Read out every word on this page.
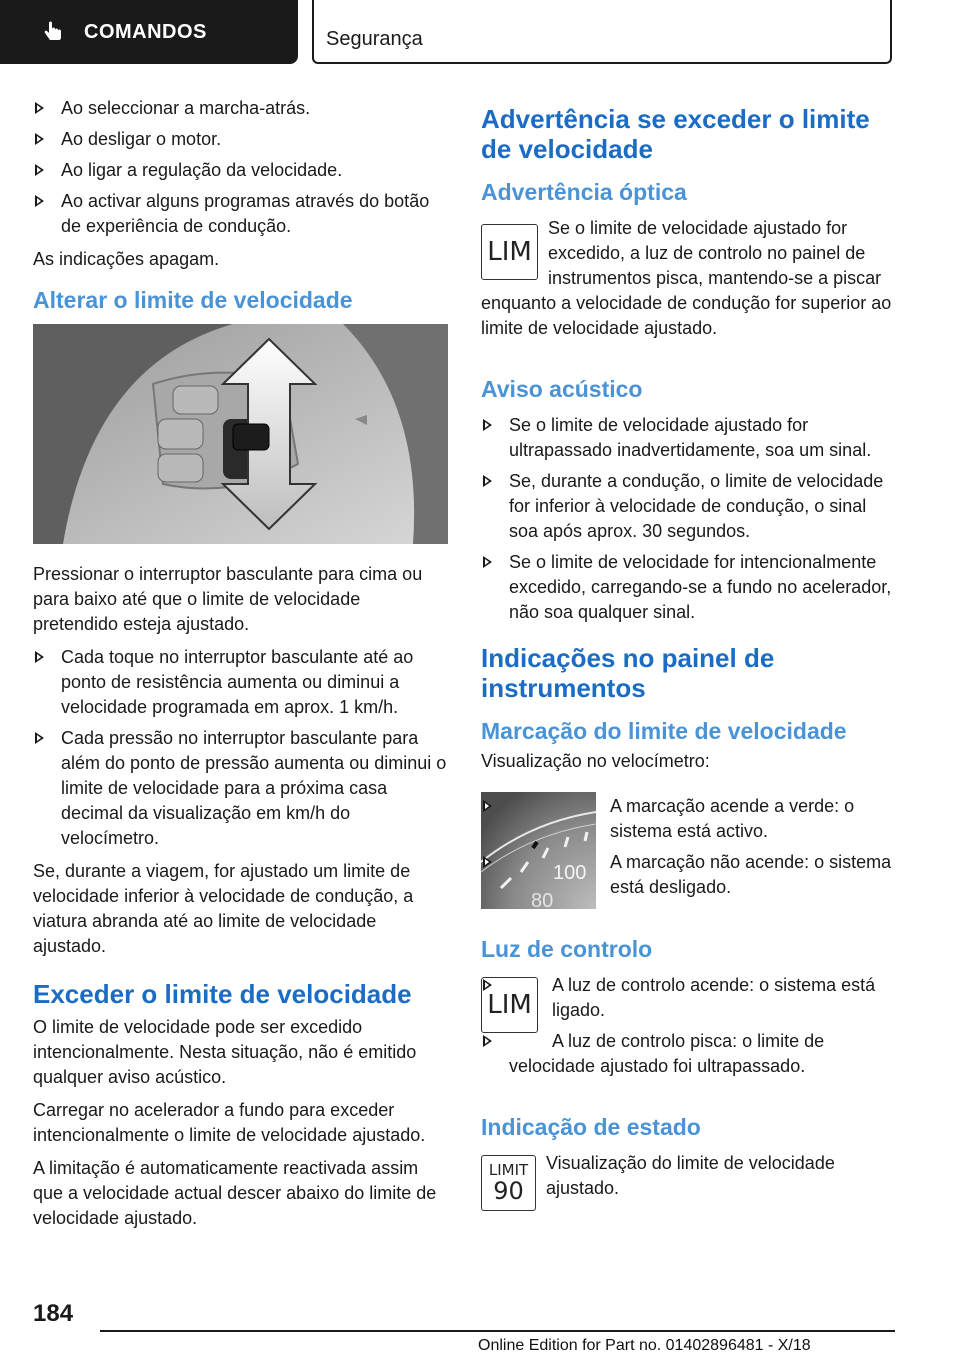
COMANDOS	Segurança
Ao seleccionar a marcha-atrás.
Ao desligar o motor.
Ao ligar a regulação da velocidade.
Ao activar alguns programas através do botão de experiência de condução.

As indicações apagam.

Alterar o limite de velocidade

Pressionar o interruptor basculante para cima ou para baixo até que o limite de velocidade pretendido esteja ajustado.

Cada toque no interruptor basculante até ao ponto de resistência aumenta ou diminui a velocidade programada em aprox. 1 km/h.
Cada pressão no interruptor basculante para além do ponto de pressão aumenta ou diminui o limite de velocidade para a próxima casa decimal da visualização em km/h do velocímetro.

Se, durante a viagem, for ajustado um limite de velocidade inferior à velocidade de condução, a viatura abranda até ao limite de velocidade ajustado.

Exceder o limite de velocidade

O limite de velocidade pode ser excedido intencionalmente. Nesta situação, não é emitido qualquer aviso acústico.

Carregar no acelerador a fundo para exceder intencionalmente o limite de velocidade ajustado.

A limitação é automaticamente reactivada assim que a velocidade actual descer abaixo do limite de velocidade ajustado.

Advertência se exceder o limite de velocidade
Advertência óptica
LIM

Se o limite de velocidade ajustado for excedido, a luz de controlo no painel de instrumentos pisca, mantendo-se a piscar enquanto a velocidade de condução for superior ao limite de velocidade ajustado.

Aviso acústico
Se o limite de velocidade ajustado for ultrapassado inadvertidamente, soa um sinal.
Se, durante a condução, o limite de velocidade for inferior à velocidade de condução, o sinal soa após aprox. 30 segundos.
Se o limite de velocidade for intencionalmente excedido, carregando-se a fundo no acelerador, não soa qualquer sinal.
Indicações no painel de instrumentos
Marcação do limite de velocidade

Visualização no velocímetro:

100
80
A marcação acende a verde: o sistema está activo.
A marcação não acende: o sistema está desligado.
Luz de controlo
LIM
A luz de controlo acende: o sistema está ligado.
A luz de controlo pisca: o limite de velocidade ajustado foi ultrapassado.
Indicação de estado
LIMIT
90

Visualização do limite de velocidade ajustado.

184
Online Edition for Part no. 01402896481 - X/18
